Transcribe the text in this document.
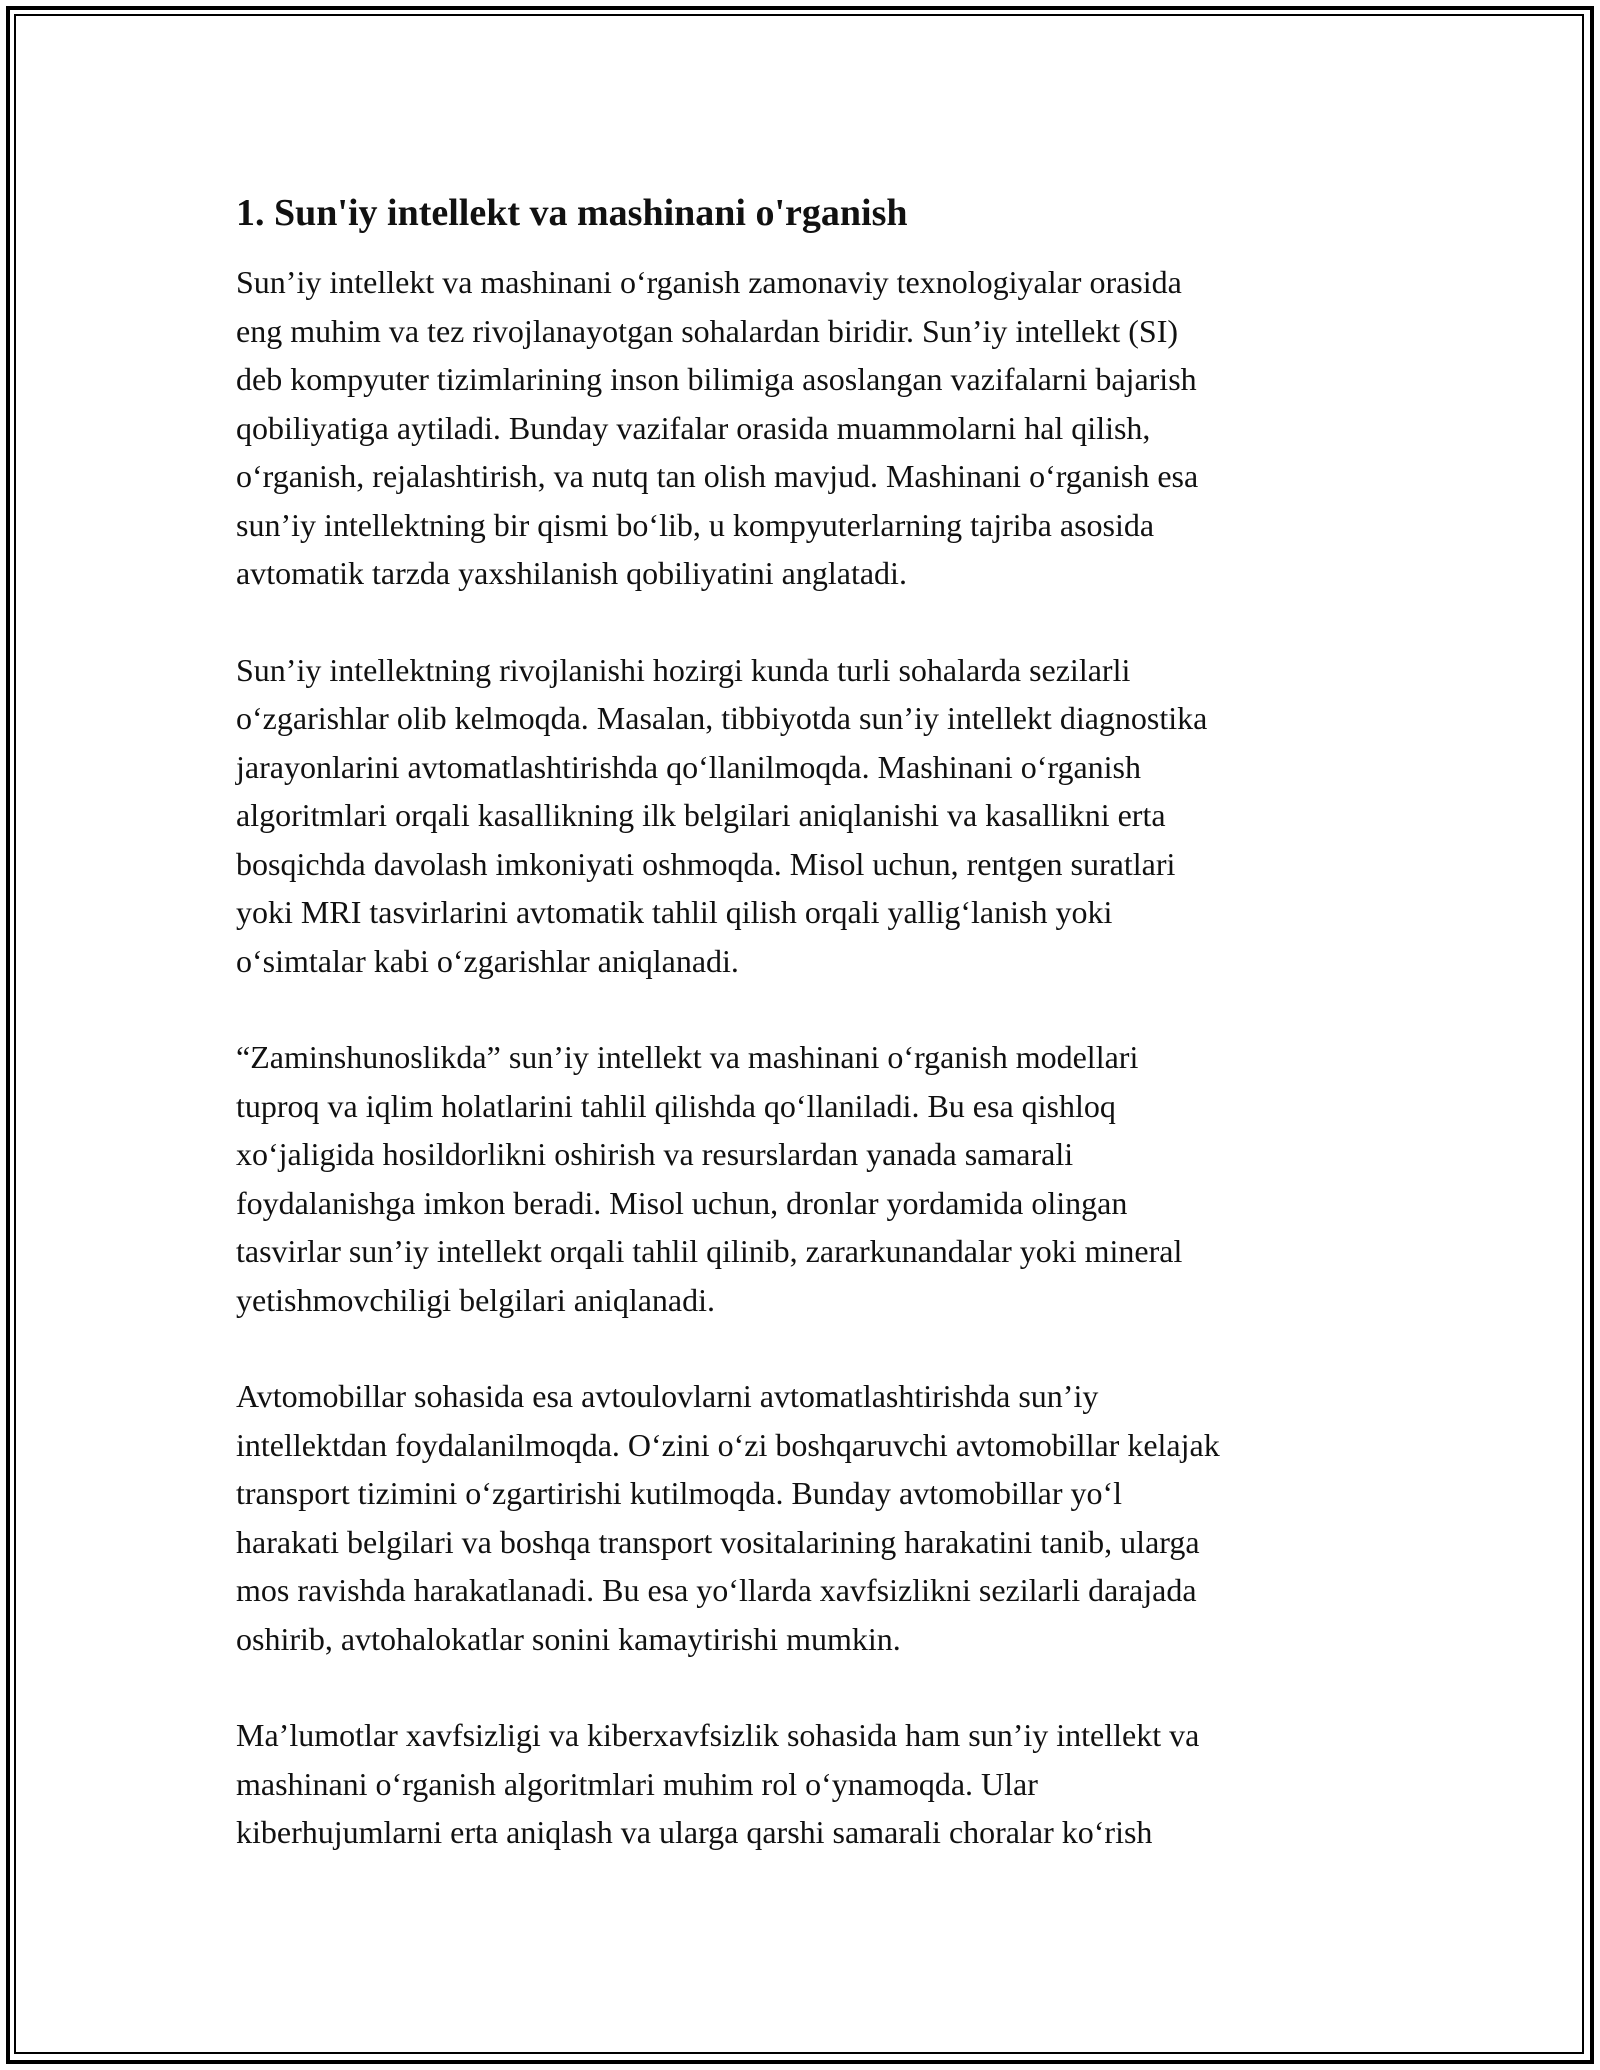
1. Sun'iy intellekt va mashinani o'rganish
Sun’iy intellekt va mashinani o‘rganish zamonaviy texnologiyalar orasida
eng muhim va tez rivojlanayotgan sohalardan biridir. Sun’iy intellekt (SI)
deb kompyuter tizimlarining inson bilimiga asoslangan vazifalarni bajarish
qobiliyatiga aytiladi. Bunday vazifalar orasida muammolarni hal qilish,
o‘rganish, rejalashtirish, va nutq tan olish mavjud. Mashinani o‘rganish esa
sun’iy intellektning bir qismi bo‘lib, u kompyuterlarning tajriba asosida
avtomatik tarzda yaxshilanish qobiliyatini anglatadi.
Sun’iy intellektning rivojlanishi hozirgi kunda turli sohalarda sezilarli
o‘zgarishlar olib kelmoqda. Masalan, tibbiyotda sun’iy intellekt diagnostika
jarayonlarini avtomatlashtirishda qo‘llanilmoqda. Mashinani o‘rganish
algoritmlari orqali kasallikning ilk belgilari aniqlanishi va kasallikni erta
bosqichda davolash imkoniyati oshmoqda. Misol uchun, rentgen suratlari
yoki MRI tasvirlarini avtomatik tahlil qilish orqali yallig‘lanish yoki
o‘simtalar kabi o‘zgarishlar aniqlanadi.
“Zaminshunoslikda” sun’iy intellekt va mashinani o‘rganish modellari
tuproq va iqlim holatlarini tahlil qilishda qo‘llaniladi. Bu esa qishloq
xo‘jaligida hosildorlikni oshirish va resurslardan yanada samarali
foydalanishga imkon beradi. Misol uchun, dronlar yordamida olingan
tasvirlar sun’iy intellekt orqali tahlil qilinib, zararkunandalar yoki mineral
yetishmovchiligi belgilari aniqlanadi.
Avtomobillar sohasida esa avtoulovlarni avtomatlashtirishda sun’iy
intellektdan foydalanilmoqda. O‘zini o‘zi boshqaruvchi avtomobillar kelajak
transport tizimini o‘zgartirishi kutilmoqda. Bunday avtomobillar yo‘l
harakati belgilari va boshqa transport vositalarining harakatini tanib, ularga
mos ravishda harakatlanadi. Bu esa yo‘llarda xavfsizlikni sezilarli darajada
oshirib, avtohalokatlar sonini kamaytirishi mumkin.
Ma’lumotlar xavfsizligi va kiberxavfsizlik sohasida ham sun’iy intellekt va
mashinani o‘rganish algoritmlari muhim rol o‘ynamoqda. Ular
kiberhujumlarni erta aniqlash va ularga qarshi samarali choralar ko‘rish
